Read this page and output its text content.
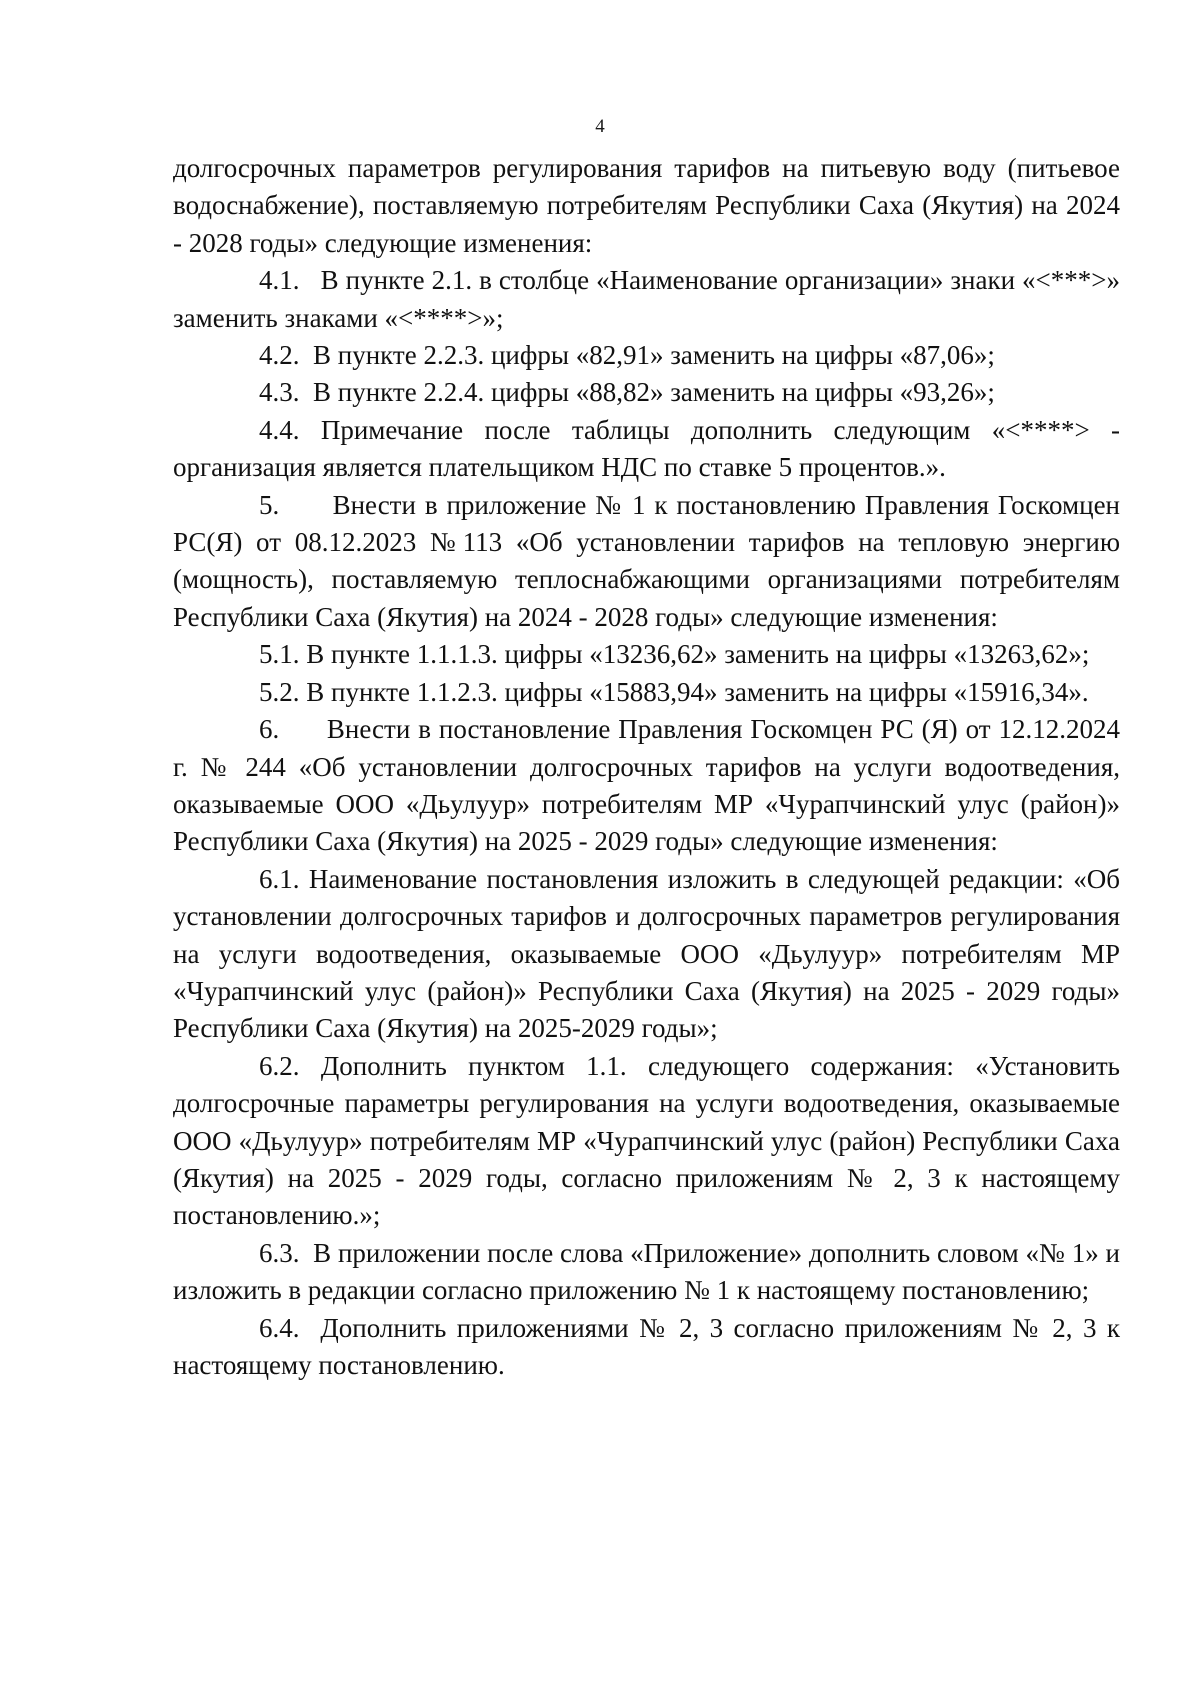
4

долгосрочных параметров регулирования тарифов на питьевую воду (питьевое водоснабжение), поставляемую потребителям Республики Саха (Якутия) на 2024 - 2028 годы» следующие изменения:

4.1.   В пункте 2.1. в столбце «Наименование организации» знаки «<***>» заменить знаками «<****>»;

4.2.  В пункте 2.2.3. цифры «82,91» заменить на цифры «87,06»;

4.3.  В пункте 2.2.4. цифры «88,82» заменить на цифры «93,26»;

4.4. Примечание после таблицы дополнить следующим «<****> - организация является плательщиком НДС по ставке 5 процентов.».

5.      Внести в приложение № 1 к постановлению Правления Госкомцен РС(Я) от 08.12.2023 №113 «Об установлении тарифов на тепловую энергию (мощность), поставляемую теплоснабжающими организациями потребителям Республики Саха (Якутия) на 2024 - 2028 годы» следующие изменения:

5.1. В пункте 1.1.1.3. цифры «13236,62» заменить на цифры «13263,62»;

5.2. В пункте 1.1.2.3. цифры «15883,94» заменить на цифры «15916,34».

6.      Внести в постановление Правления Госкомцен РС (Я) от 12.12.2024 г. № 244 «Об установлении долгосрочных тарифов на услуги водоотведения, оказываемые ООО «Дьулуур» потребителям МР «Чурапчинский улус (район)» Республики Саха (Якутия) на 2025 - 2029 годы» следующие изменения:

6.1. Наименование постановления изложить в следующей редакции: «Об установлении долгосрочных тарифов и долгосрочных параметров регулирования на услуги водоотведения, оказываемые ООО «Дьулуур» потребителям МР «Чурапчинский улус (район)» Республики Саха (Якутия) на 2025 - 2029 годы» Республики Саха (Якутия) на 2025-2029 годы»;

6.2. Дополнить пунктом 1.1. следующего содержания: «Установить долгосрочные параметры регулирования на услуги водоотведения, оказываемые ООО «Дьулуур» потребителям МР «Чурапчинский улус (район) Республики Саха (Якутия) на 2025 - 2029 годы, согласно приложениям № 2, 3 к настоящему постановлению.»;

6.3.  В приложении после слова «Приложение» дополнить словом «№ 1» и изложить в редакции согласно приложению № 1 к настоящему постановлению;

6.4.  Дополнить приложениями № 2, 3 согласно приложениям № 2, 3 к настоящему постановлению.
